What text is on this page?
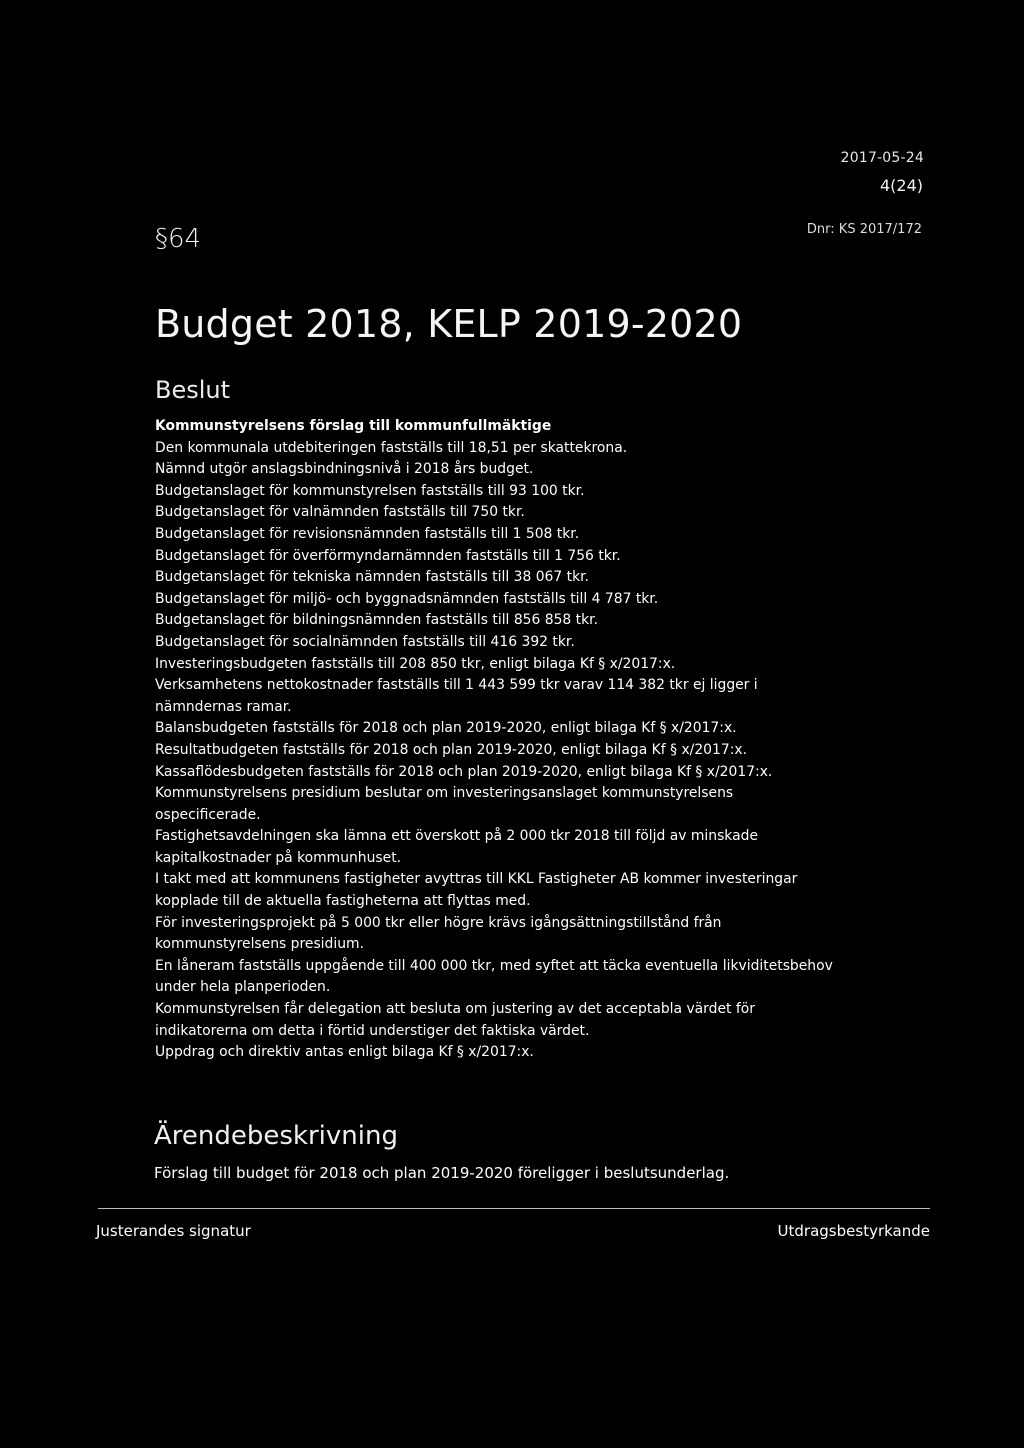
2017-05-24
4(24)
§64	Dnr: KS 2017/172
Budget 2018, KELP 2019-2020
Beslut
Kommunstyrelsens förslag till kommunfullmäktige
Den kommunala utdebiteringen fastställs till 18,51 per skattekrona.
Nämnd utgör anslagsbindningsnivå i 2018 års budget.
Budgetanslaget för kommunstyrelsen fastställs till 93 100 tkr.
Budgetanslaget för valnämnden fastställs till 750 tkr.
Budgetanslaget för revisionsnämnden fastställs till 1 508 tkr.
Budgetanslaget för överförmyndarnämnden fastställs till 1 756 tkr.
Budgetanslaget för tekniska nämnden fastställs till 38 067 tkr.
Budgetanslaget för miljö- och byggnadsnämnden fastställs till 4 787 tkr.
Budgetanslaget för bildningsnämnden fastställs till 856 858 tkr.
Budgetanslaget för socialnämnden fastställs till 416 392 tkr.
Investeringsbudgeten fastställs till 208 850 tkr, enligt bilaga Kf § x/2017:x.
Verksamhetens nettokostnader fastställs till 1 443 599 tkr varav 114 382 tkr ej ligger i
nämndernas ramar.
Balansbudgeten fastställs för 2018 och plan 2019-2020, enligt bilaga Kf § x/2017:x.
Resultatbudgeten fastställs för 2018 och plan 2019-2020, enligt bilaga Kf § x/2017:x.
Kassaflödesbudgeten fastställs för 2018 och plan 2019-2020, enligt bilaga Kf § x/2017:x.
Kommunstyrelsens presidium beslutar om investeringsanslaget kommunstyrelsens
ospecificerade.
Fastighetsavdelningen ska lämna ett överskott på 2 000 tkr 2018 till följd av minskade
kapitalkostnader på kommunhuset.
I takt med att kommunens fastigheter avyttras till KKL Fastigheter AB kommer investeringar
kopplade till de aktuella fastigheterna att flyttas med.
För investeringsprojekt på 5 000 tkr eller högre krävs igångsättningstillstånd från
kommunstyrelsens presidium.
En låneram fastställs uppgående till 400 000 tkr, med syftet att täcka eventuella likviditetsbehov
under hela planperioden.
Kommunstyrelsen får delegation att besluta om justering av det acceptabla värdet för
indikatorerna om detta i förtid understiger det faktiska värdet.
Uppdrag och direktiv antas enligt bilaga Kf § x/2017:x.
Ärendebeskrivning
Förslag till budget för 2018 och plan 2019-2020 föreligger i beslutsunderlag.
Justerandes signatur	Utdragsbestyrkande
